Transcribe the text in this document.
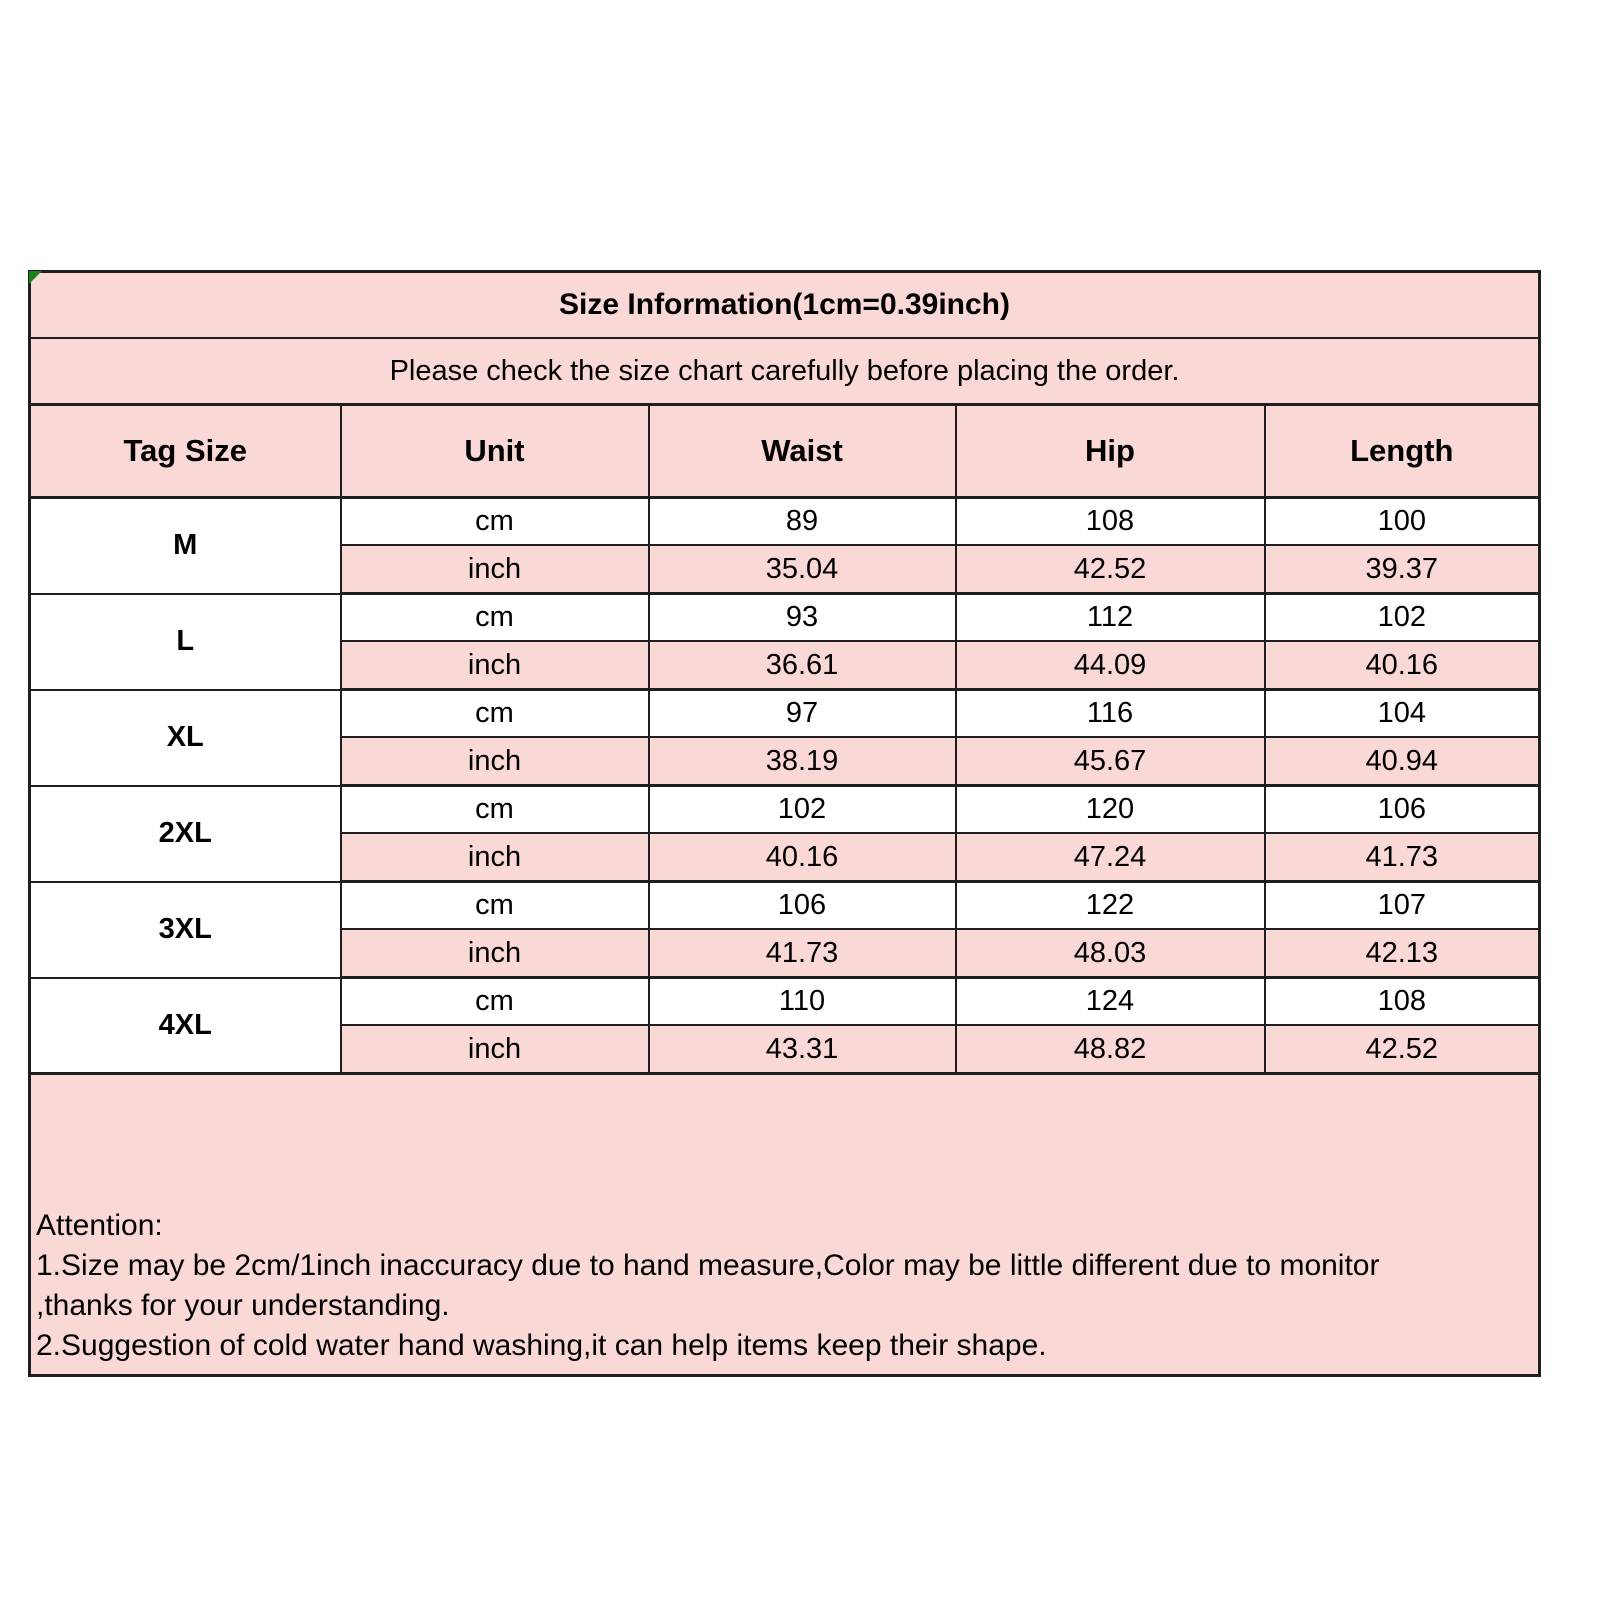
Size Information(1cm=0.39inch)				
Please check the size chart carefully before placing the order.				
Tag Size	Unit	Waist	Hip	Length
M	cm	89	108	100
	inch	35.04	42.52	39.37
L	cm	93	112	102
	inch	36.61	44.09	40.16
XL	cm	97	116	104
	inch	38.19	45.67	40.94
2XL	cm	102	120	106
	inch	40.16	47.24	41.73
3XL	cm	106	122	107
	inch	41.73	48.03	42.13
4XL	cm	110	124	108
	inch	43.31	48.82	42.52

Attention:
1.Size may be 2cm/1inch inaccuracy due to hand measure,Color may be little different due to monitor
,thanks for your understanding.
2.Suggestion of cold water hand washing,it can help items keep their shape.				
